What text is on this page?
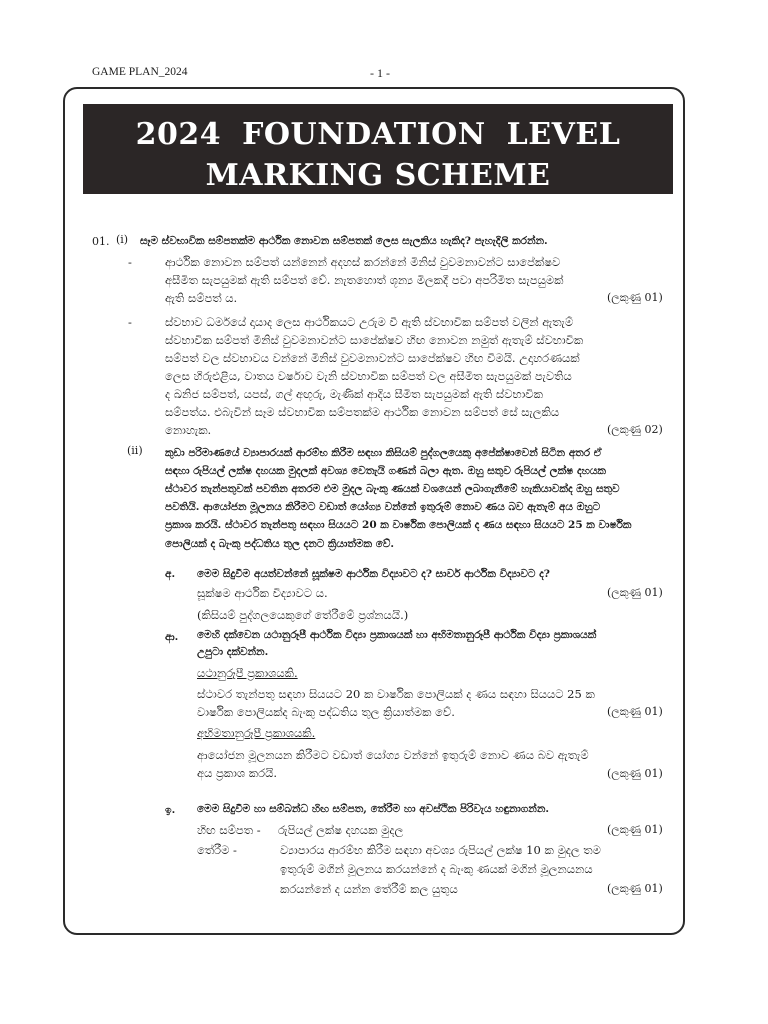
GAME PLAN_2024	- 1 -
2024 FOUNDATION LEVEL
MARKING SCHEME
01. (i) සෑම ස්වභාවික සම්පතක්ම ආර්ථික නොවන සම්පතක් ලෙස සැලකිය හැකිද? පැහැදිලි කරන්න.
-	ආර්ථික නොවන සම්පත් යන්නෙන් අදහස් කරන්නේ මිනිස් වුවමනාවන්ට සාපේක්ෂව
අසීමිත සැපයුමක් ඇති සම්පත් වේ. නැතහොත් ශූන්‍ය මිලකදී පවා අපරිමිත සැපයුමක්
ඇති සම්පත් ය.	(ලකුණු 01)
-	ස්වභාව ධර්මයේ දායාද ලෙස ආර්ථිකයට උරුම වී ඇති ස්වභාවික සම්පත් වලින් ඇතැම්
ස්වභාවික සම්පත් මිනිස් වුවමනාවන්ට සාපේක්ෂව හිඟ නොවන නමුත් ඇතැම් ස්වභාවික
සම්පත් වල ස්වභාවය වන්නේ මිනිස් වුවමනාවන්ට සාපේක්ෂව හිඟ වීමයි. උදාහරණයක්
ලෙස හිරුඑළිය, වාතය වර්ෂාව වැනි ස්වභාවික සම්පත් වල අසීමිත සැපයුමක් පැවතිය
ද ඛනිජ සම්පත්, යපස්, ගල් අඟුරු, මැණික් ආදිය සීමිත සැපයුමක් ඇති ස්වභාවික
සම්පත්ය. එබැවින් සෑම ස්වභාවික සම්පතක්ම ආර්ථික නොවන සම්පත් සේ සැලකිය
නොහැක.	(ලකුණු 02)
(ii) කුඩා පරිමාණයේ ව්‍යාපාරයක් ආරම්භ කිරීම සඳහා කිසියම් පුද්ගලයෙකු අපේක්ෂාවෙන් සිටින අතර ඒ
සඳහා රුපියල් ලක්ෂ දහයක මුදලක් අවශ්‍ය වෙතැයි ගණන් බලා ඇත. ඔහු සතුව රුපියල් ලක්ෂ දහයක
ස්ථාවර තැන්පතුවක් පවතින අතරම එම මුදල බැංකු ණයක් වශයෙන් ලබාගැනීමේ හැකියාවක්ද ඔහු සතුව
පවතියි. ආයෝජන මූලනය කිරීමට වඩාත් යෝග්‍ය වන්නේ ඉතුරුම් නොව ණය බව ඇතැම් අය ඔහුට
ප්‍රකාශ කරයි. ස්ථාවර තැන්පතු සඳහා සියයට 20 ක වාර්ෂික පොලියක් ද ණය සඳහා සියයට 25 ක වාර්ෂික
පොලියක් ද බැංකු පද්ධතිය තුල දනට ක්‍රියාත්මක වේ.
අ. මෙම සිදුවීම අයත්වන්නේ සූක්ෂම ආර්ථික විද්‍යාවට ද? සාර්ව ආර්ථික විද්‍යාවට ද?
සූක්ෂම ආර්ථික විද්‍යාවට ය.	(ලකුණු 01)
(කිසියම් පුද්ගලයෙකුගේ තේරීමේ ප්‍රශ්නයයි.)
ආ. මෙහි දක්වෙන යථානුරූපී ආර්ථික විද්‍යා ප්‍රකාශයක් හා අභිමතානුරූපී ආර්ථික විද්‍යා ප්‍රකාශයක්
උපුටා දක්වන්න.
යථානුරූපී ප්‍රකාශයකි.
ස්ථාවර තැන්පතු සඳහා සියයට 20 ක වාර්ෂික පොලියක් ද ණය සඳහා සියයට 25 ක
වාර්ෂික පොලියක්ද බැංකු පද්ධතිය තුල ක්‍රියාත්මක වේ.	(ලකුණු 01)
අභිමතානුරූපී ප්‍රකාශයකි.
ආයෝජන මූලනයන කිරීමට වඩාත් යෝග්‍ය වන්නේ ඉතුරුම් නොව ණය බව ඇතැම්
අය ප්‍රකාශ කරයි.	(ලකුණු 01)
ඉ. මෙම සිදුවීම හා සම්බන්ධ හිඟ සම්පත, තේරීම හා අවස්ථික පිරිවැය හඳුනාගන්න.
හිඟ සම්පත - රුපියල් ලක්ෂ දහයක මුදල	(ලකුණු 01)
තේරීම -	ව්‍යාපාරය ආරම්භ කිරීම සඳහා අවශ්‍ය රුපියල් ලක්ෂ 10 ක මුදල තම
ඉතුරුම් මගින් මූලනය කරයන්නේ ද බැංකු ණයක් මගින් මූලනයනය
කරයන්නේ ද යන්න තේරීම් කල යුතුය	(ලකුණු 01)
